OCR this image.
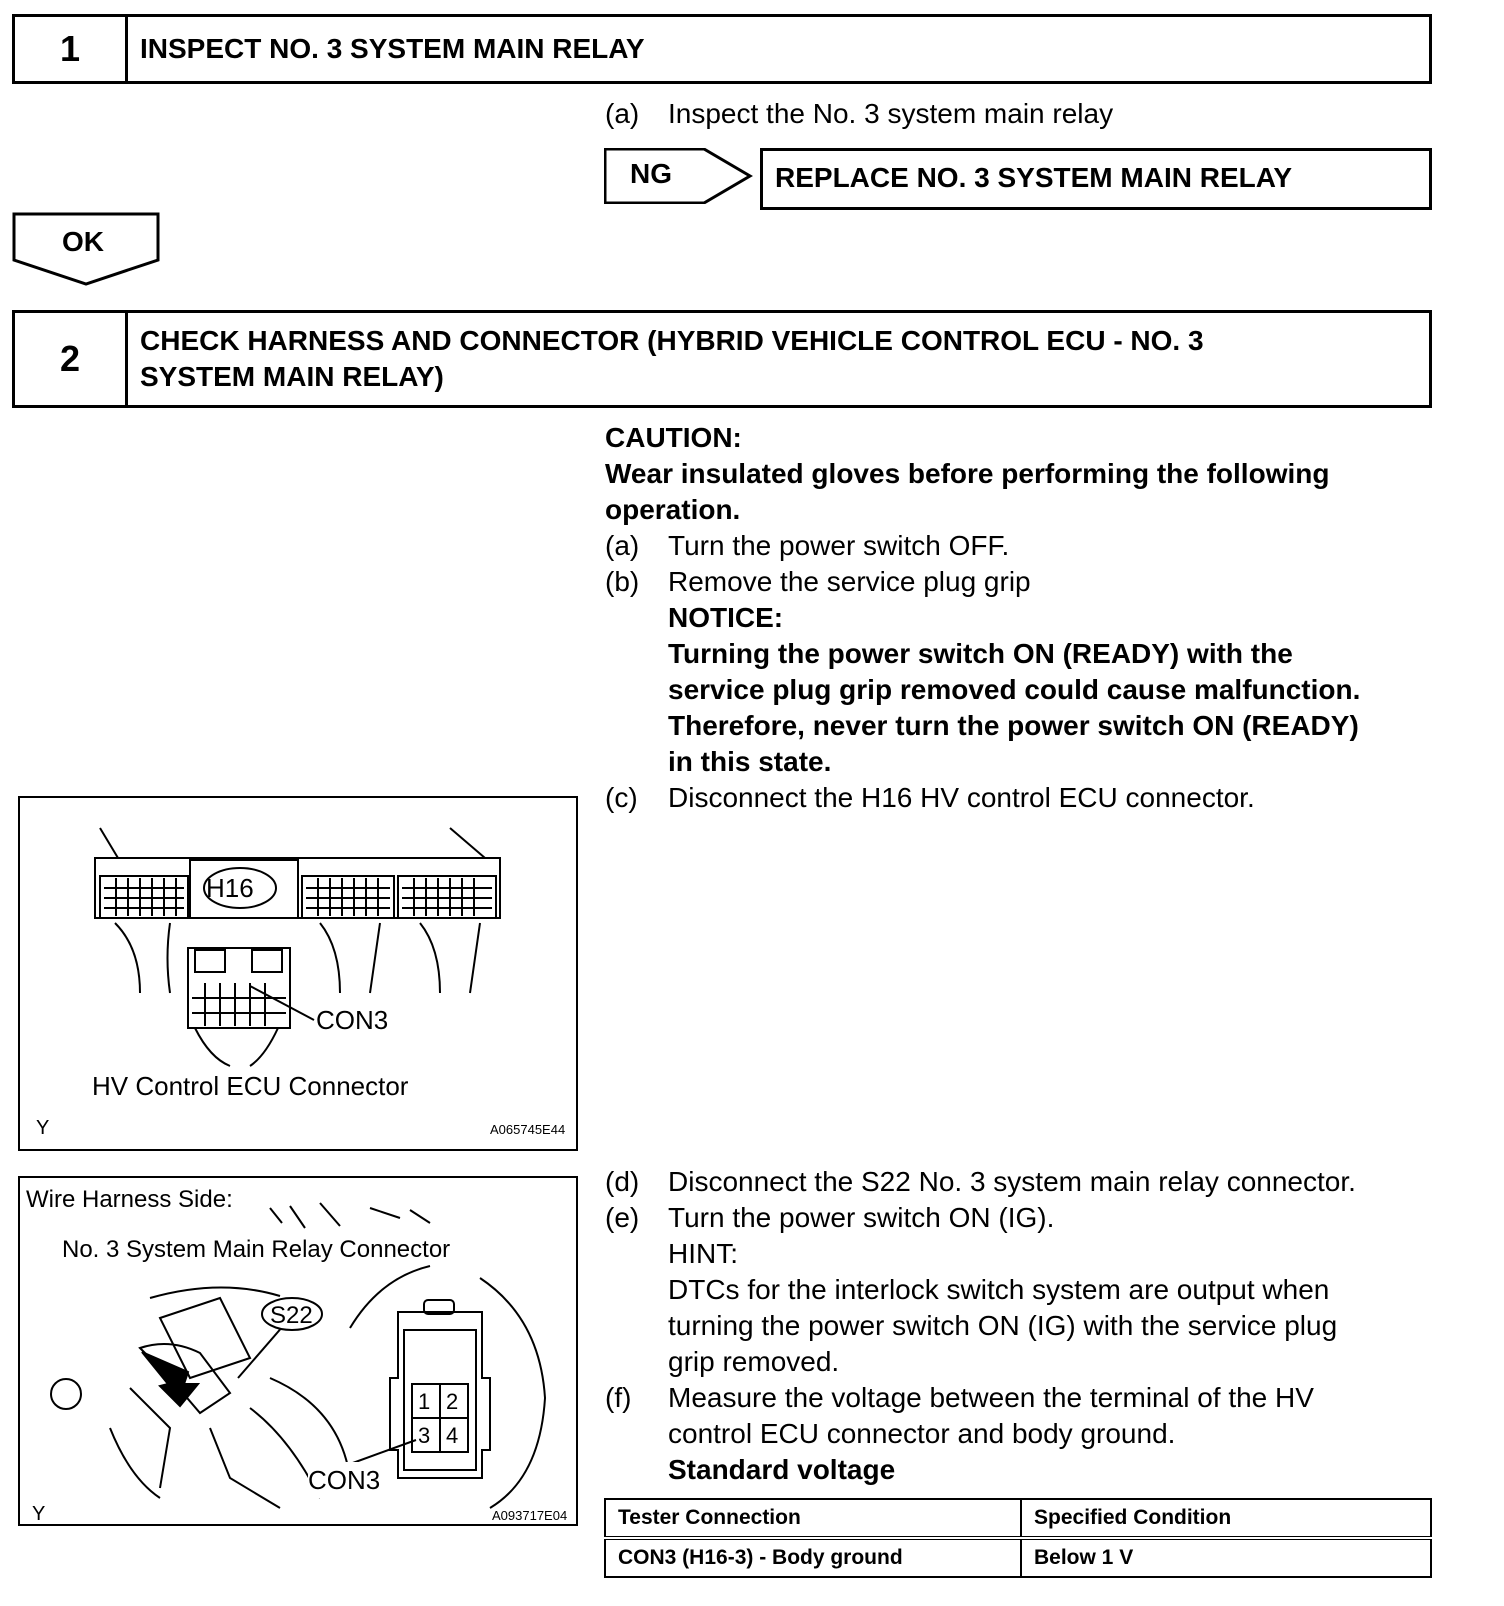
1	INSPECT NO. 3 SYSTEM MAIN RELAY
(a) Inspect the No. 3 system main relay
NG	REPLACE NO. 3 SYSTEM MAIN RELAY
OK
2	CHECK HARNESS AND CONNECTOR (HYBRID VEHICLE CONTROL ECU - NO. 3
SYSTEM MAIN RELAY)
CAUTION:
Wear insulated gloves before performing the following
operation.
(a) Turn the power switch OFF.
(b) Remove the service plug grip
NOTICE:
Turning the power switch ON (READY) with the
service plug grip removed could cause malfunction.
Therefore, never turn the power switch ON (READY)
in this state.
(c) Disconnect the H16 HV control ECU connector.
H16
CON3
HV Control ECU Connector
Y	A065745E44
Wire Harness Side:
No. 3 System Main Relay Connector
S22
1 2
3 4
CON3
Y	A093717E04
(d) Disconnect the S22 No. 3 system main relay connector.
(e) Turn the power switch ON (IG).
HINT:
DTCs for the interlock switch system are output when
turning the power switch ON (IG) with the service plug
grip removed.
(f) Measure the voltage between the terminal of the HV
control ECU connector and body ground.
Standard voltage
Tester Connection	Specified Condition
CON3 (H16-3) - Body ground	Below 1 V
